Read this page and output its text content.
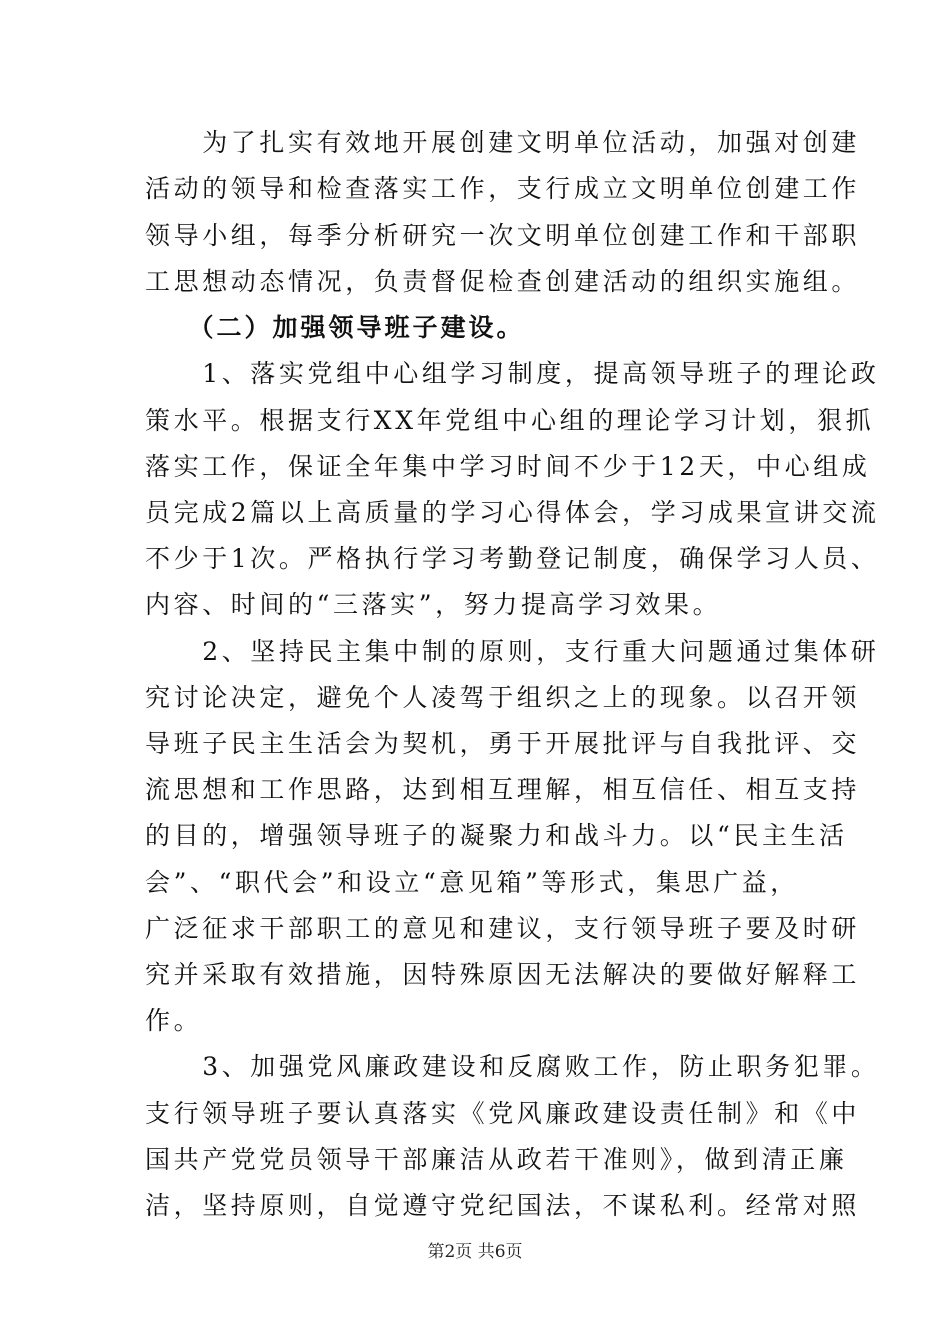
　　为了扎实有效地开展创建文明单位活动，加强对创建
活动的领导和检查落实工作，支行成立文明单位创建工作
领导小组，每季分析研究一次文明单位创建工作和干部职
工思想动态情况，负责督促检查创建活动的组织实施组。
　　（二）加强领导班子建设。
　　1、落实党组中心组学习制度，提高领导班子的理论政
策水平。根据支行XX年党组中心组的理论学习计划，狠抓
落实工作，保证全年集中学习时间不少于12天，中心组成
员完成2篇以上高质量的学习心得体会，学习成果宣讲交流
不少于1次。严格执行学习考勤登记制度，确保学习人员、
内容、时间的“三落实”，努力提高学习效果。
　　2、坚持民主集中制的原则，支行重大问题通过集体研
究讨论决定，避免个人凌驾于组织之上的现象。以召开领
导班子民主生活会为契机，勇于开展批评与自我批评、交
流思想和工作思路，达到相互理解，相互信任、相互支持
的目的，增强领导班子的凝聚力和战斗力。以“民主生活
会”、“职代会”和设立“意见箱”等形式，集思广益，
广泛征求干部职工的意见和建议，支行领导班子要及时研
究并采取有效措施，因特殊原因无法解决的要做好解释工
作。
　　3、加强党风廉政建设和反腐败工作，防止职务犯罪。
支行领导班子要认真落实《党风廉政建设责任制》和《中
国共产党党员领导干部廉洁从政若干准则》，做到清正廉
洁，坚持原则，自觉遵守党纪国法，不谋私利。经常对照
第2页 共6页
